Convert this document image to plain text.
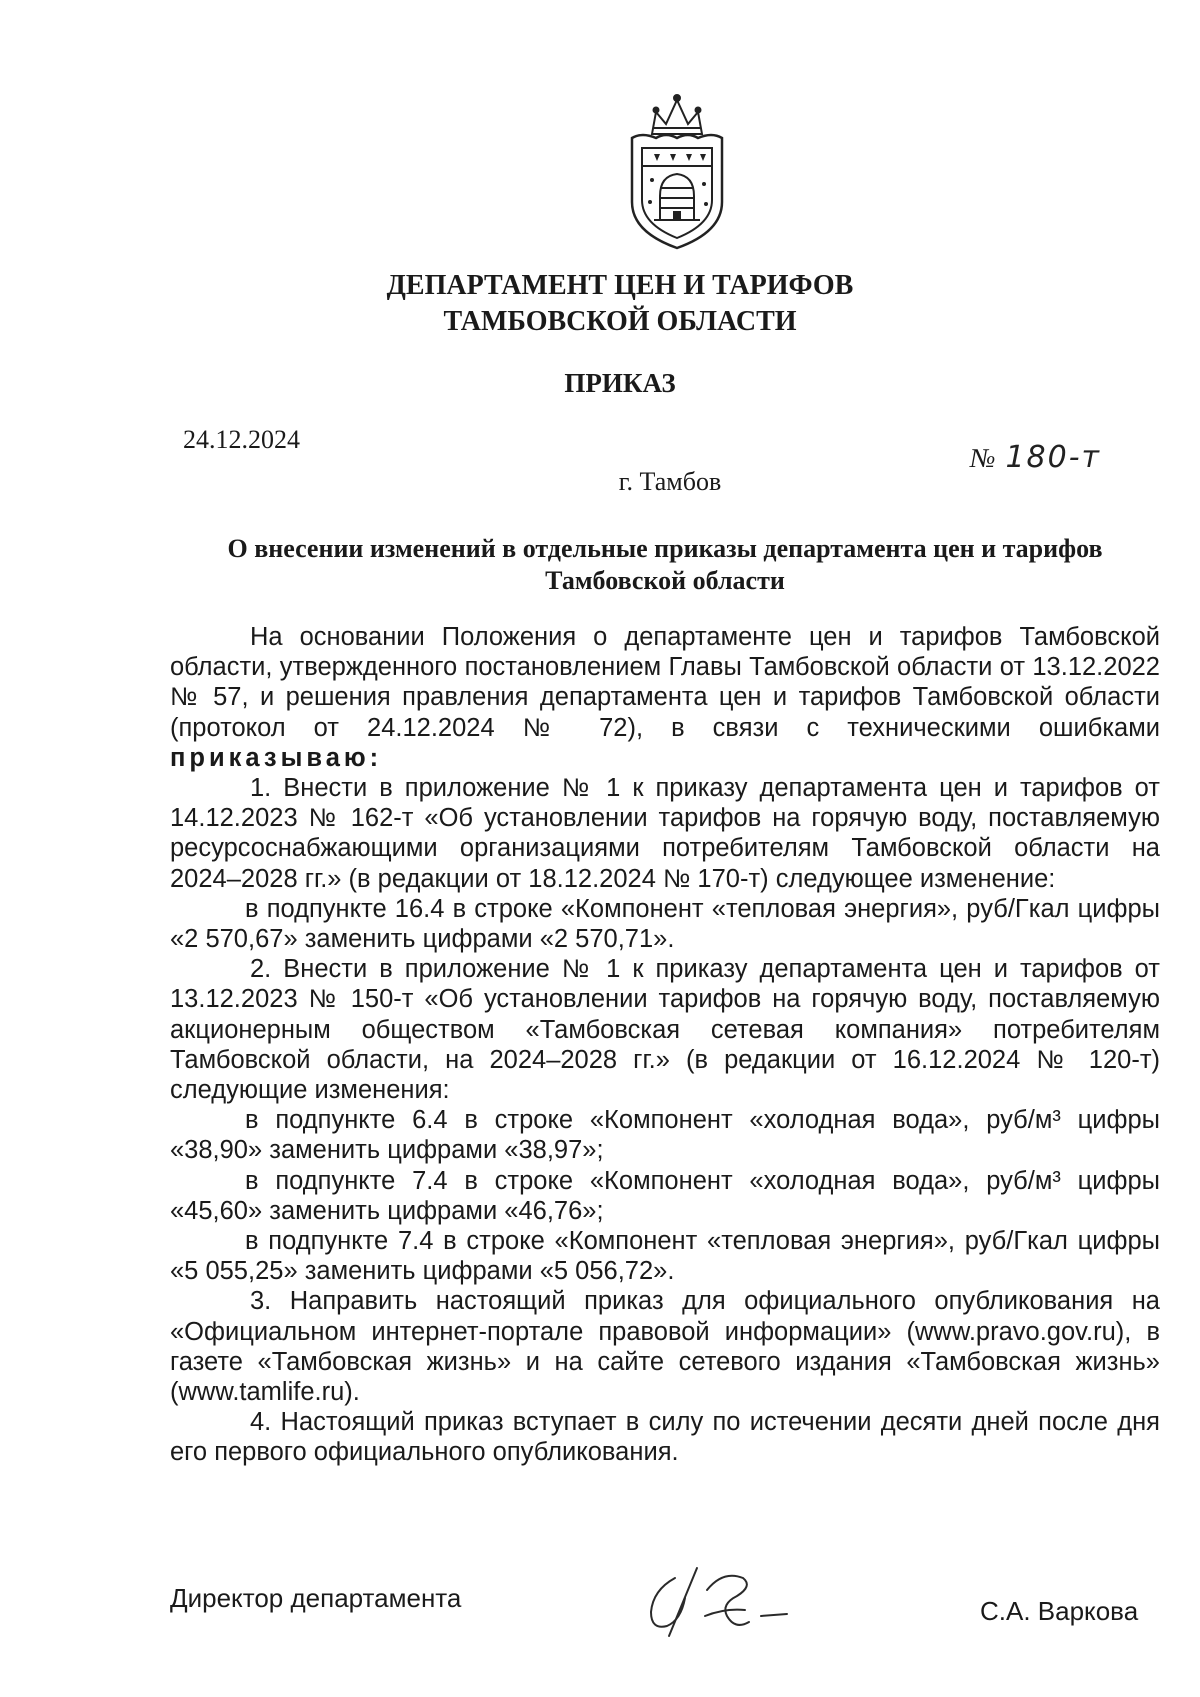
ДЕПАРТАМЕНТ ЦЕН И ТАРИФОВ
ТАМБОВСКОЙ ОБЛАСТИ
ПРИКАЗ
24.12.2024
№ 180-т
г. Тамбов
О внесении изменений в отдельные приказы департамента цен и тарифов
Тамбовской области

На основании Положения о департаменте цен и тарифов Тамбовской области, утвержденного постановлением Главы Тамбовской области от 13.12.2022 № 57, и решения правления департамента цен и тарифов Тамбовской области (протокол от 24.12.2024 № 72), в связи с техническими ошибками приказываю:

1. Внести в приложение № 1 к приказу департамента цен и тарифов от 14.12.2023 № 162-т «Об установлении тарифов на горячую воду, поставляемую ресурсоснабжающими организациями потребителям Тамбовской области на 2024–2028 гг.» (в редакции от 18.12.2024 № 170-т) следующее изменение:

в подпункте 16.4 в строке «Компонент «тепловая энергия», руб/Гкал цифры «2 570,67» заменить цифрами «2 570,71».

2. Внести в приложение № 1 к приказу департамента цен и тарифов от 13.12.2023 № 150-т «Об установлении тарифов на горячую воду, поставляемую акционерным обществом «Тамбовская сетевая компания» потребителям Тамбовской области, на 2024–2028 гг.» (в редакции от 16.12.2024 № 120-т) следующие изменения:

в подпункте 6.4 в строке «Компонент «холодная вода», руб/м³ цифры «38,90» заменить цифрами «38,97»;

в подпункте 7.4 в строке «Компонент «холодная вода», руб/м³ цифры «45,60» заменить цифрами «46,76»;

в подпункте 7.4 в строке «Компонент «тепловая энергия», руб/Гкал цифры «5 055,25» заменить цифрами «5 056,72».

3. Направить настоящий приказ для официального опубликования на «Официальном интернет-портале правовой информации» (www.pravo.gov.ru), в газете «Тамбовская жизнь» и на сайте сетевого издания «Тамбовская жизнь» (www.tamlife.ru).

4. Настоящий приказ вступает в силу по истечении десяти дней после дня его первого официального опубликования.

Директор департамента	С.А. Варкова
